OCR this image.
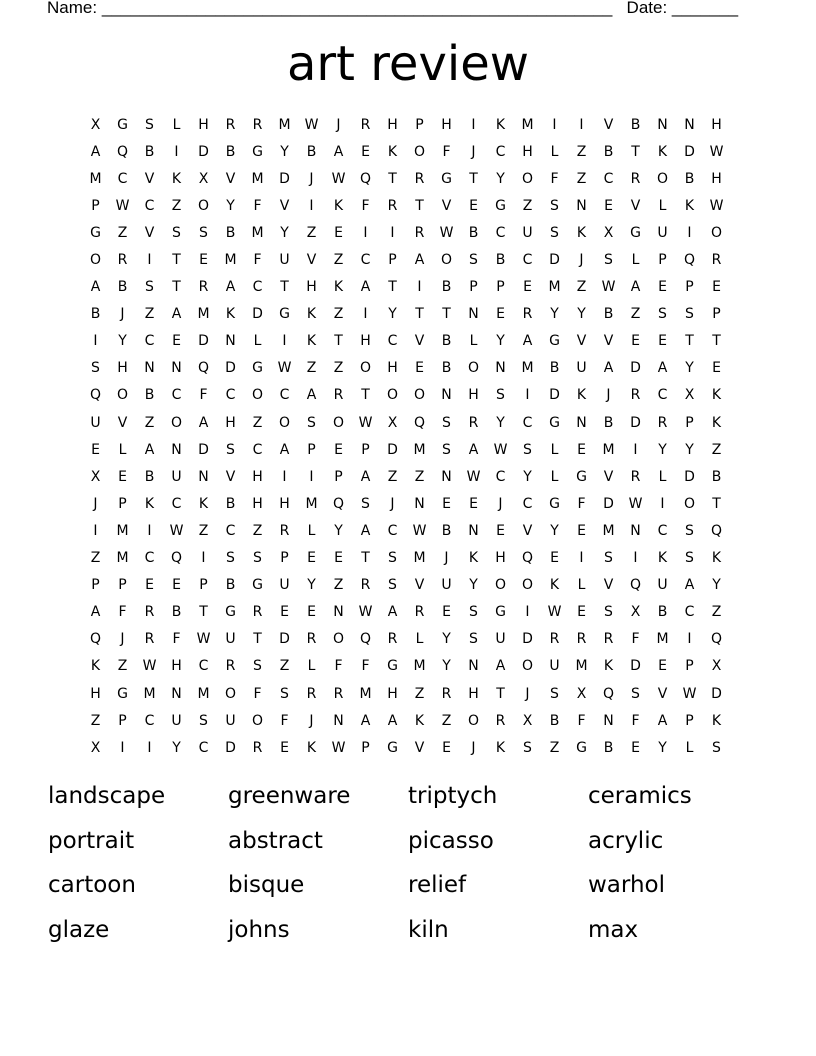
Name: ______________________________________________________ Date: _______
art review
X	G	S	L	H	R	R	M	W	J	R	H	P	H	I	K	M	I	I	V	B	N	N	H
A	Q	B	I	D	B	G	Y	B	A	E	K	O	F	J	C	H	L	Z	B	T	K	D	W
M	C	V	K	X	V	M	D	J	W	Q	T	R	G	T	Y	O	F	Z	C	R	O	B	H
P	W	C	Z	O	Y	F	V	I	K	F	R	T	V	E	G	Z	S	N	E	V	L	K	W
G	Z	V	S	S	B	M	Y	Z	E	I	I	R	W	B	C	U	S	K	X	G	U	I	O
O	R	I	T	E	M	F	U	V	Z	C	P	A	O	S	B	C	D	J	S	L	P	Q	R
A	B	S	T	R	A	C	T	H	K	A	T	I	B	P	P	E	M	Z	W	A	E	P	E
B	J	Z	A	M	K	D	G	K	Z	I	Y	T	T	N	E	R	Y	Y	B	Z	S	S	P
I	Y	C	E	D	N	L	I	K	T	H	C	V	B	L	Y	A	G	V	V	E	E	T	T
S	H	N	N	Q	D	G	W	Z	Z	O	H	E	B	O	N	M	B	U	A	D	A	Y	E
Q	O	B	C	F	C	O	C	A	R	T	O	O	N	H	S	I	D	K	J	R	C	X	K
U	V	Z	O	A	H	Z	O	S	O	W	X	Q	S	R	Y	C	G	N	B	D	R	P	K
E	L	A	N	D	S	C	A	P	E	P	D	M	S	A	W	S	L	E	M	I	Y	Y	Z
X	E	B	U	N	V	H	I	I	P	A	Z	Z	N	W	C	Y	L	G	V	R	L	D	B
J	P	K	C	K	B	H	H	M	Q	S	J	N	E	E	J	C	G	F	D	W	I	O	T
I	M	I	W	Z	C	Z	R	L	Y	A	C	W	B	N	E	V	Y	E	M	N	C	S	Q
Z	M	C	Q	I	S	S	P	E	E	T	S	M	J	K	H	Q	E	I	S	I	K	S	K
P	P	E	E	P	B	G	U	Y	Z	R	S	V	U	Y	O	O	K	L	V	Q	U	A	Y
A	F	R	B	T	G	R	E	E	N	W	A	R	E	S	G	I	W	E	S	X	B	C	Z
Q	J	R	F	W	U	T	D	R	O	Q	R	L	Y	S	U	D	R	R	R	F	M	I	Q
K	Z	W	H	C	R	S	Z	L	F	F	G	M	Y	N	A	O	U	M	K	D	E	P	X
H	G	M	N	M	O	F	S	R	R	M	H	Z	R	H	T	J	S	X	Q	S	V	W	D
Z	P	C	U	S	U	O	F	J	N	A	A	K	Z	O	R	X	B	F	N	F	A	P	K
X	I	I	Y	C	D	R	E	K	W	P	G	V	E	J	K	S	Z	G	B	E	Y	L	S
landscape	greenware	triptych	ceramics
portrait	abstract	picasso	acrylic
cartoon	bisque	relief	warhol
glaze	johns	kiln	max
